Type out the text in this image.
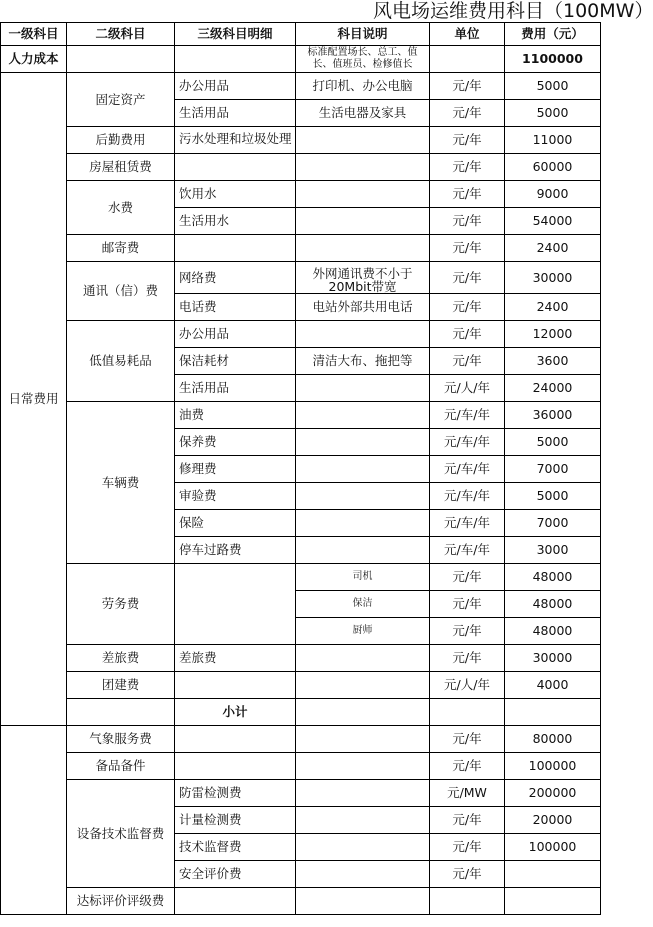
风电场运维费用科目（100MW）
一级科目	二级科目	三级科目明细	科目说明	单位	费用（元）	
人力成本			标准配置场长、总工、值长、值班员、检修值长		1100000	
日常费用	固定资产	办公用品	打印机、办公电脑	元/年	5000	
		生活用品	生活电器及家具	元/年	5000	
	后勤费用	污水处理和垃圾处理		元/年	11000	
	房屋租赁费			元/年	60000	
	水费	饮用水		元/年	9000	
		生活用水		元/年	54000	
	邮寄费			元/年	2400	
	通讯（信）费	网络费	外网通讯费不小于20Mbit带宽	元/年	30000	
		电话费	电站外部共用电话	元/年	2400	
	低值易耗品	办公用品		元/年	12000	
		保洁耗材	清洁大布、拖把等	元/年	3600	
		生活用品		元/人/年	24000	
	车辆费	油费		元/车/年	36000	
		保养费		元/车/年	5000	
		修理费		元/车/年	7000	
		审验费		元/车/年	5000	
		保险		元/车/年	7000	
		停车过路费		元/车/年	3000	
	劳务费		司机	元/年	48000	
			保洁	元/年	48000	
			厨师	元/年	48000	
	差旅费	差旅费		元/年	30000	
	团建费			元/人/年	4000	
		小计				
	气象服务费			元/年	80000	
	备品备件			元/年	100000	
	设备技术监督费	防雷检测费		元/MW	200000	
		计量检测费		元/年	20000	
		技术监督费		元/年	100000	
		安全评价费		元/年		
	达标评价评级费					
